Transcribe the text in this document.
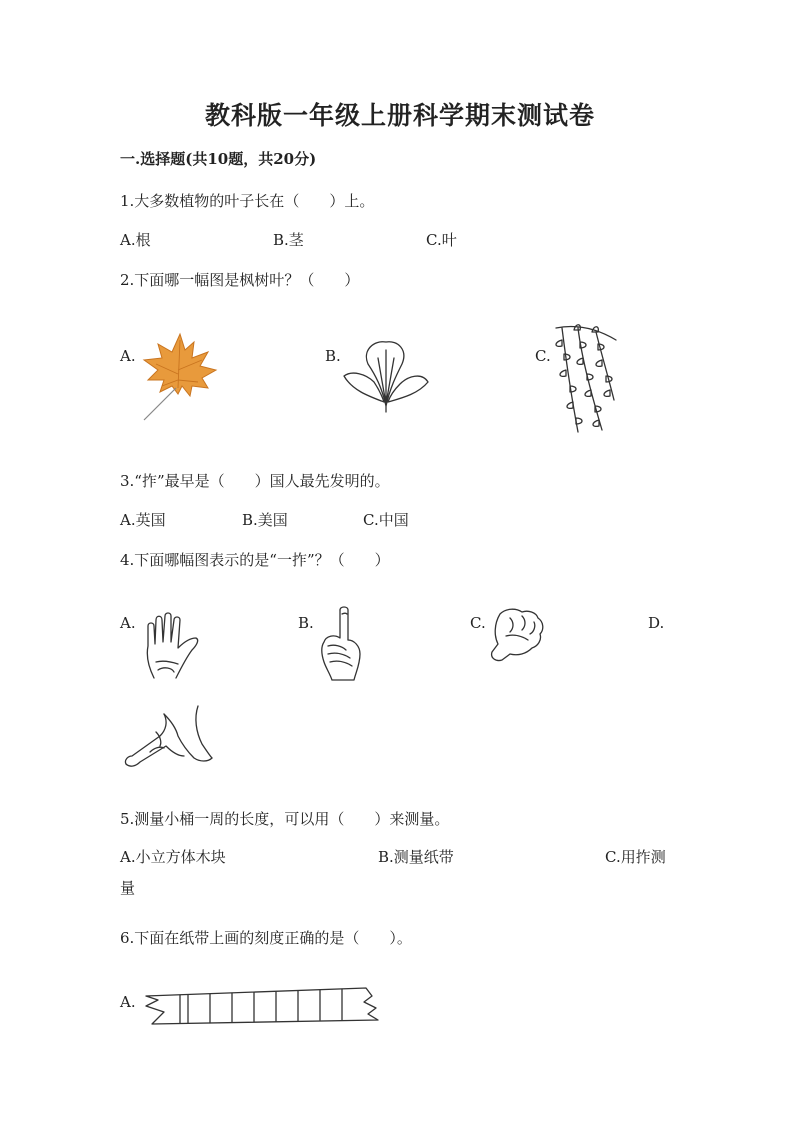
教科版一年级上册科学期末测试卷
一.选择题(共10题，共20分)
1.大多数植物的叶子长在（　　）上。
A.根	B.茎	C.叶
2.下面哪一幅图是枫树叶？（　　）
A.	B.	C.
3.“拃”最早是（　　）国人最先发明的。
A.英国	B.美国	C.中国
4.下面哪幅图表示的是“一拃”？（　　）
A.	B.	C.	D.
5.测量小桶一周的长度，可以用（　　）来测量。
A.小立方体木块	B.测量纸带	C.用拃测
量
6.下面在纸带上画的刻度正确的是（　　）。
A.
